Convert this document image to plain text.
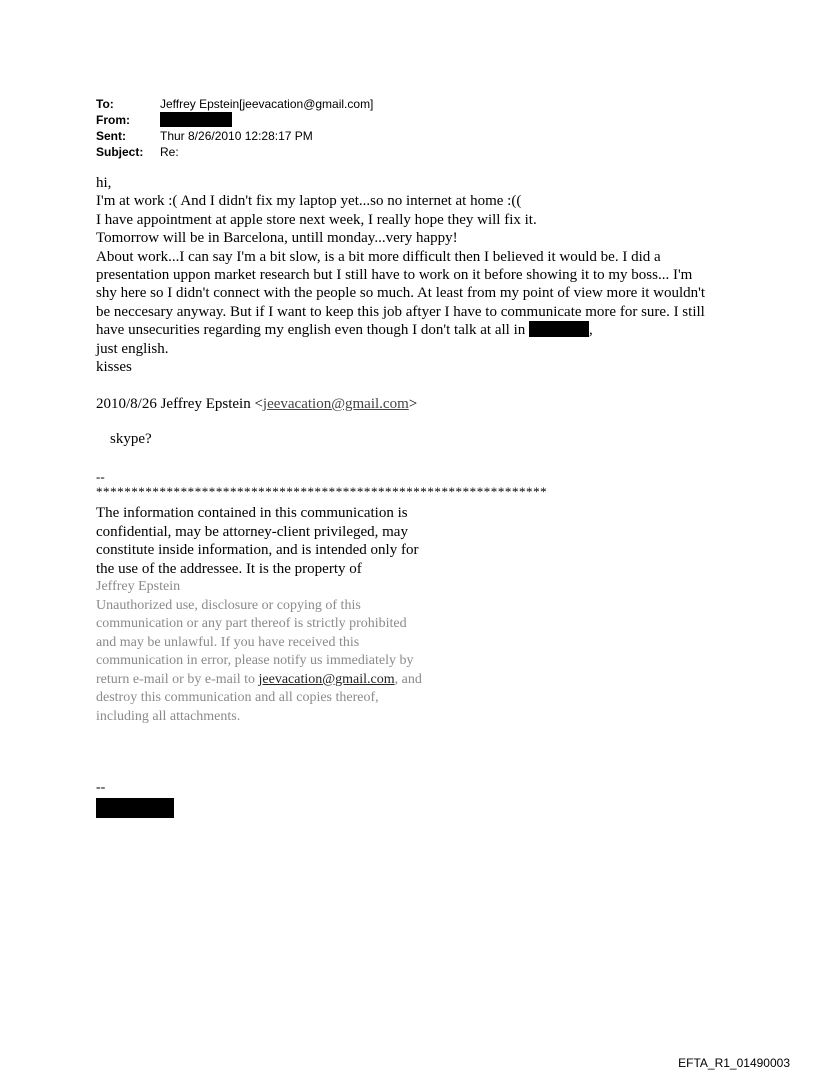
To:	Jeffrey Epstein[jeevacation@gmail.com]
From:
Sent:	Thur 8/26/2010 12:28:17 PM
Subject: Re:

hi,

I'm at work :( And I didn't fix my laptop yet...so no internet at home :((

I have appointment at apple store next week, I really hope they will fix it.

Tomorrow will be in Barcelona, untill monday...very happy!

About work...I can say I'm a bit slow, is a bit more difficult then I believed it would be. I did a presentation uppon market research but I still have to work on it before showing it to my boss... I'm shy here so I didn't connect with the people so much. At least from my point of view more it wouldn't be neccesary anyway. But if I want to keep this job aftyer I have to communicate more for sure. I still have unsecurities regarding my english even though I don't talk at all in	,

just english.

kisses

2010/8/26 Jeffrey Epstein <jeevacation@gmail.com>
skype?
--
****************************************************************
The information contained in this communication is
confidential, may be attorney-client privileged, may
constitute inside information, and is intended only for
the use of the addressee. It is the property of
Jeffrey Epstein
Unauthorized use, disclosure or copying of this
communication or any part thereof is strictly prohibited
and may be unlawful. If you have received this
communication in error, please notify us immediately by
return e-mail or by e-mail to jeevacation@gmail.com, and
destroy this communication and all copies thereof,
including all attachments.
--
EFTA_R1_01490003
